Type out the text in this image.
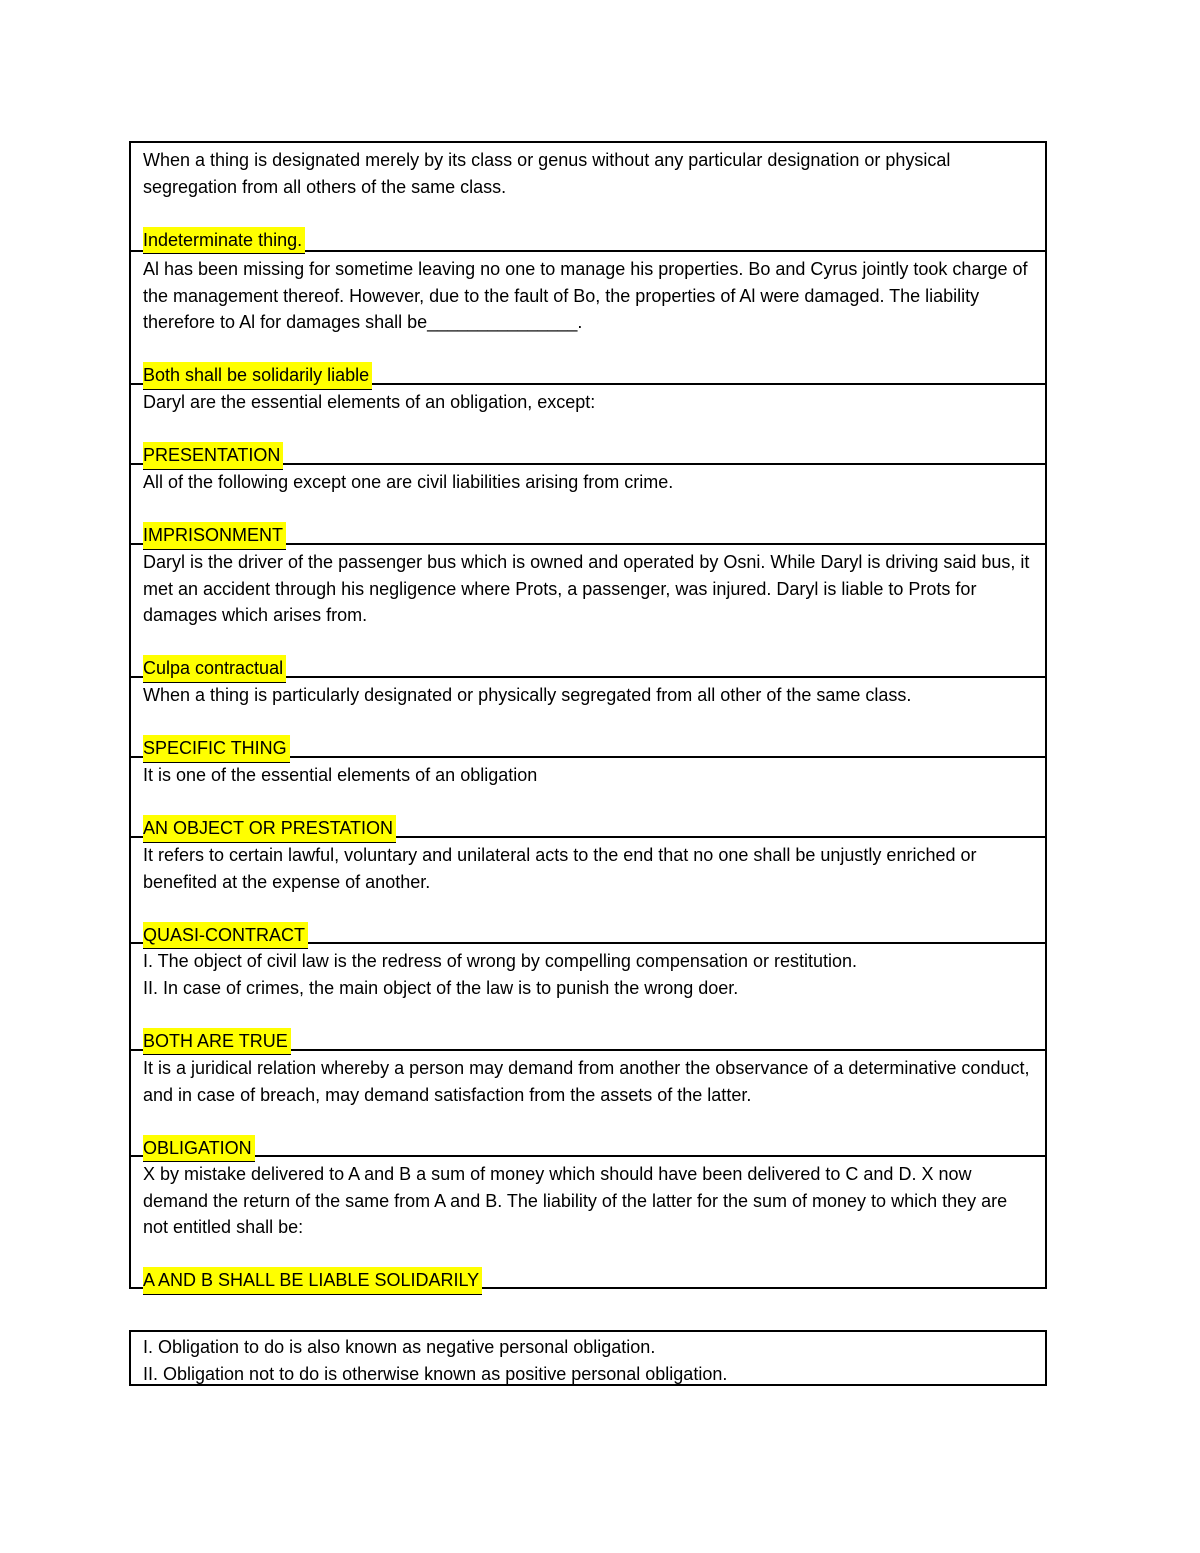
When a thing is designated merely by its class or genus without any particular designation or physical segregation from all others of the same class.
Indeterminate thing.
Al has been missing for sometime leaving no one to manage his properties. Bo and Cyrus jointly took charge of the management thereof. However, due to the fault of Bo, the properties of Al were damaged. The liability therefore to Al for damages shall be_______________.
Both shall be solidarily liable
Daryl are the essential elements of an obligation, except:
PRESENTATION
All of the following except one are civil liabilities arising from crime.
IMPRISONMENT
Daryl is the driver of the passenger bus which is owned and operated by Osni. While Daryl is driving said bus, it met an accident through his negligence where Prots, a passenger, was injured. Daryl is liable to Prots for damages which arises from.
Culpa contractual
When a thing is particularly designated or physically segregated from all other of the same class.
SPECIFIC THING
It is one of the essential elements of an obligation
AN OBJECT OR PRESTATION
It refers to certain lawful, voluntary and unilateral acts to the end that no one shall be unjustly enriched or benefited at the expense of another.
QUASI-CONTRACT
I. The object of civil law is the redress of wrong by compelling compensation or restitution.
II. In case of crimes, the main object of the law is to punish the wrong doer.
BOTH ARE TRUE
It is a juridical relation whereby a person may demand from another the observance of a determinative conduct, and in case of breach, may demand satisfaction from the assets of the latter.
OBLIGATION
X by mistake delivered to A and B a sum of money which should have been delivered to C and D. X now demand the return of the same from A and B. The liability of the latter for the sum of money to which they are not entitled shall be:
A AND B SHALL BE LIABLE SOLIDARILY
I. Obligation to do is also known as negative personal obligation.
II. Obligation not to do is otherwise known as positive personal obligation.
